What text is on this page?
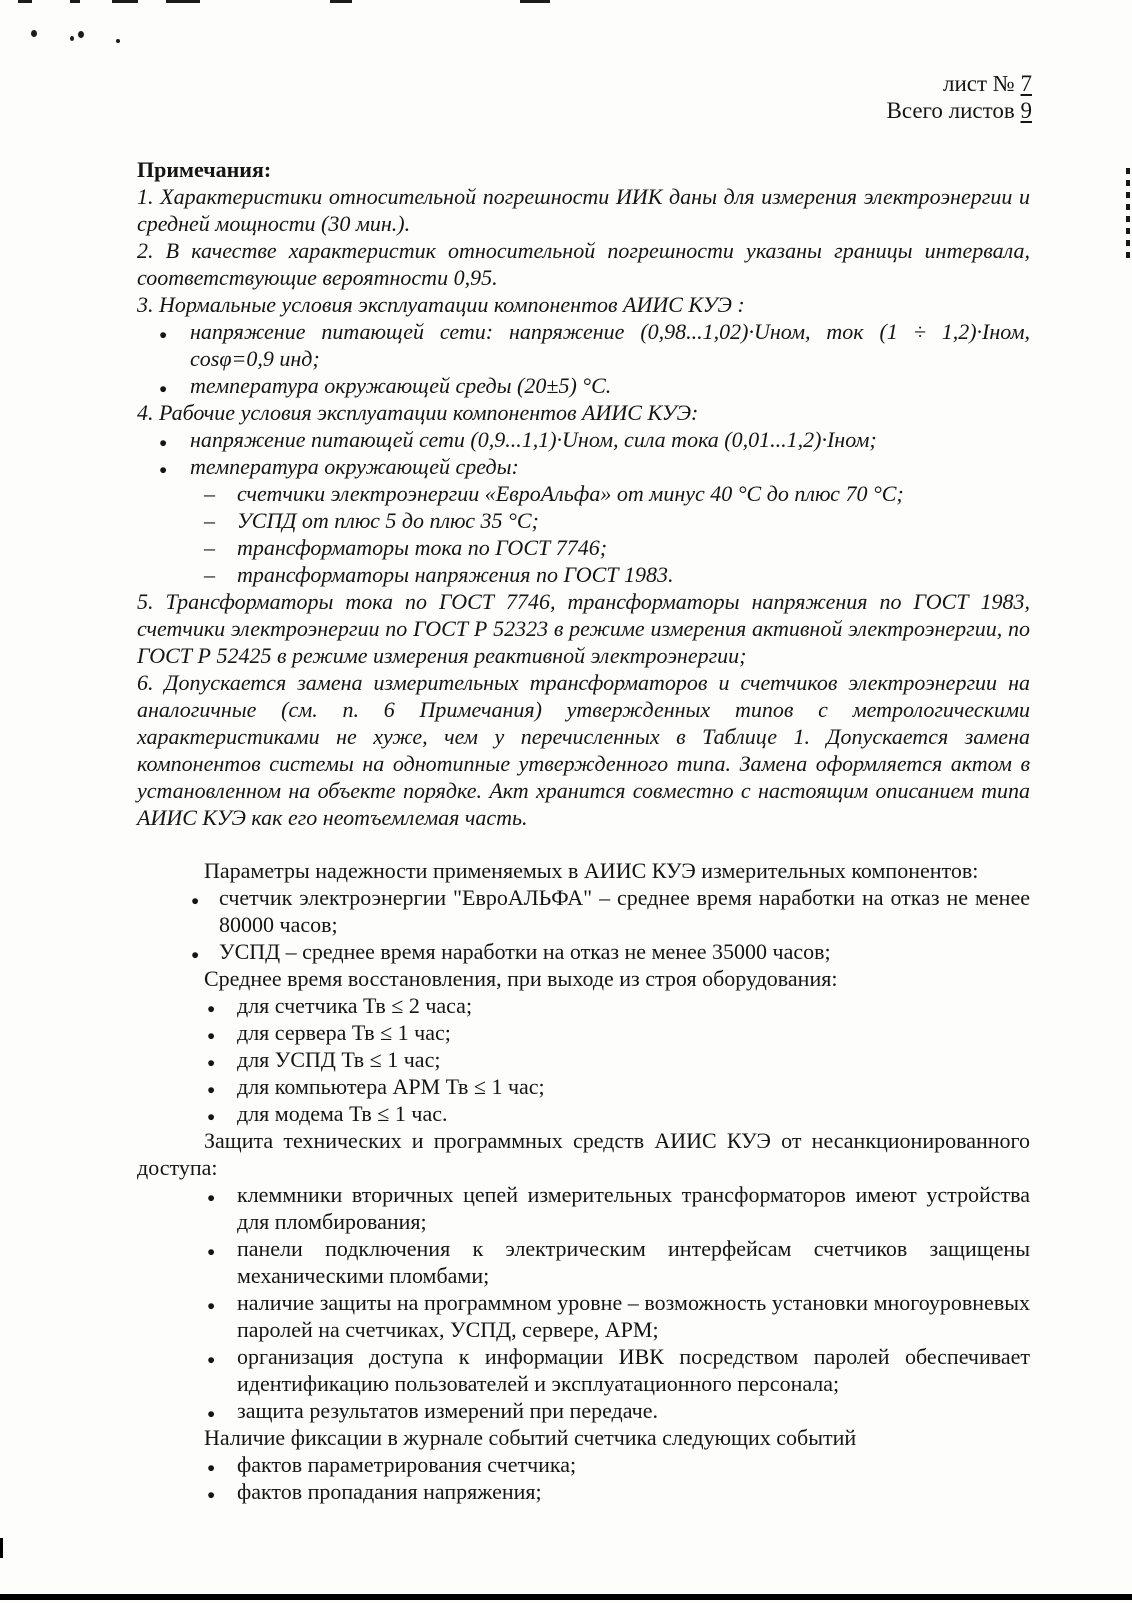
лист № 7
Всего листов 9

Примечания:

1. Характеристики относительной погрешности ИИК даны для измерения электроэнергии и средней мощности (30 мин.).

2. В качестве характеристик относительной погрешности указаны границы интервала, соответствующие вероятности 0,95.

3. Нормальные условия эксплуатации компонентов АИИС КУЭ :

●
напряжение питающей сети: напряжение (0,98...1,02)·Uном, ток (1 ÷ 1,2)·Iном, cosφ=0,9 инд;
●
температура окружающей среды (20±5) °С.

4. Рабочие условия эксплуатации компонентов АИИС КУЭ:

●
напряжение питающей сети (0,9...1,1)·Uном, сила тока (0,01...1,2)·Iном;
●
температура окружающей среды:
–
счетчики электроэнергии «ЕвроАльфа» от минус 40 °С до плюс 70 °С;
–
УСПД от плюс 5 до плюс 35 °С;
–
трансформаторы тока по ГОСТ 7746;
–
трансформаторы напряжения по ГОСТ 1983.

5. Трансформаторы тока по ГОСТ 7746, трансформаторы напряжения по ГОСТ 1983, счетчики электроэнергии по ГОСТ Р 52323 в режиме измерения активной электроэнергии, по ГОСТ Р 52425 в режиме измерения реактивной электроэнергии;

6. Допускается замена измерительных трансформаторов и счетчиков электроэнергии на аналогичные (см. п. 6 Примечания) утвержденных типов с метрологическими характеристиками не хуже, чем у перечисленных в Таблице 1. Допускается замена компонентов системы на однотипные утвержденного типа. Замена оформляется актом в установленном на объекте порядке. Акт хранится совместно с настоящим описанием типа АИИС КУЭ как его неотъемлемая часть.

Параметры надежности применяемых в АИИС КУЭ измерительных компонентов:

●
счетчик электроэнергии "ЕвроАЛЬФА" – среднее время наработки на отказ не менее 80000 часов;
●
УСПД – среднее время наработки на отказ не менее 35000 часов;

Среднее время восстановления, при выходе из строя оборудования:

●
для счетчика Тв ≤ 2 часа;
●
для сервера Тв ≤ 1 час;
●
для УСПД Тв ≤ 1 час;
●
для компьютера АРМ Тв ≤ 1 час;
●
для модема Тв ≤ 1 час.

Защита технических и программных средств АИИС КУЭ от несанкционированного доступа:

●
клеммники вторичных цепей измерительных трансформаторов имеют устройства для пломбирования;
●
панели подключения к электрическим интерфейсам счетчиков защищены механическими пломбами;
●
наличие защиты на программном уровне – возможность установки многоуровневых паролей на счетчиках, УСПД, сервере, АРМ;
●
организация доступа к информации ИВК посредством паролей обеспечивает идентификацию пользователей и эксплуатационного персонала;
●
защита результатов измерений при передаче.

Наличие фиксации в журнале событий счетчика следующих событий

●
фактов параметрирования счетчика;
●
фактов пропадания напряжения;
